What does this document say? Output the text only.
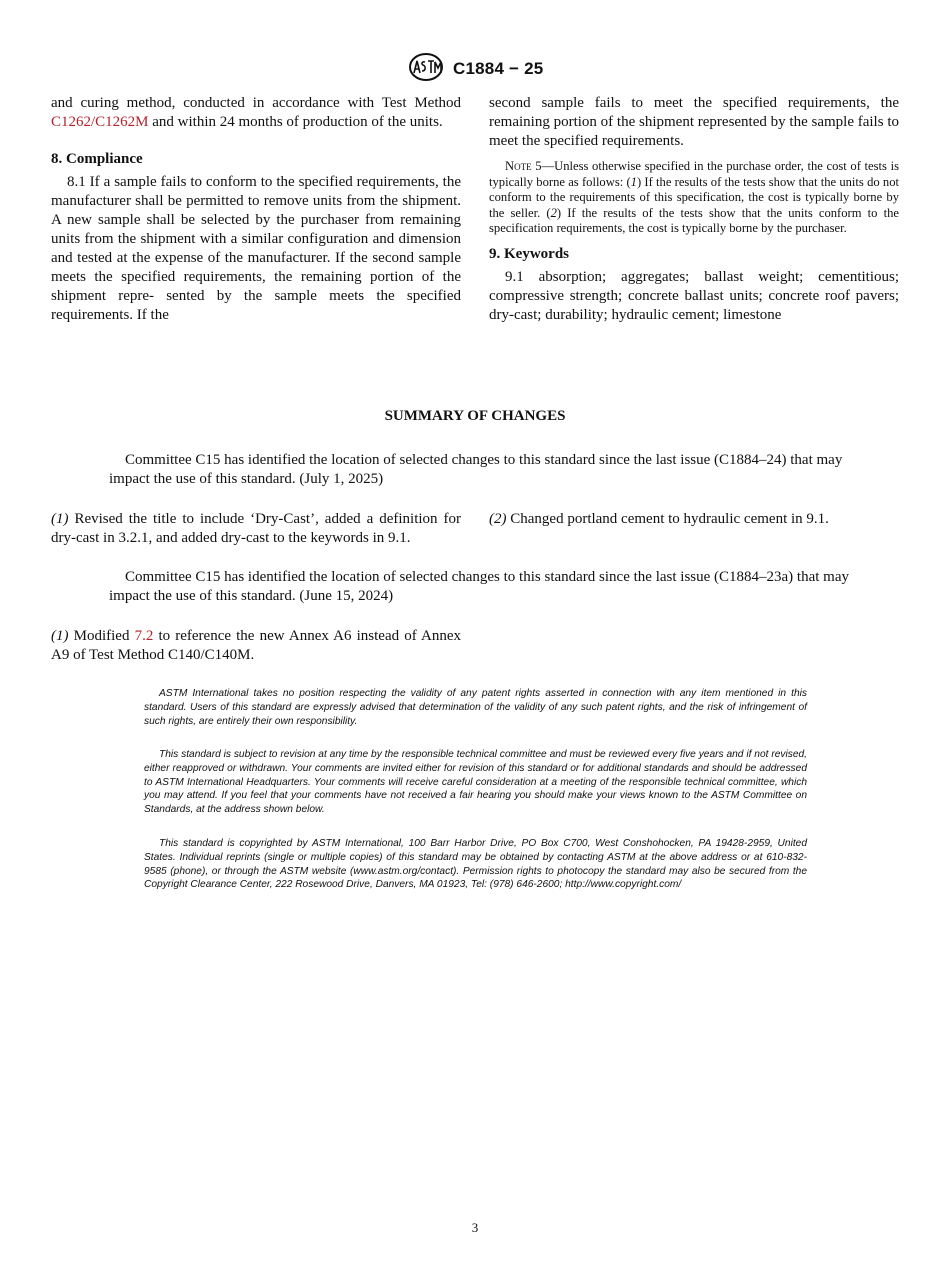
C1884 − 25

and curing method, conducted in accordance with Test Method C1262/C1262M and within 24 months of production of the units.

8. Compliance

8.1 If a sample fails to conform to the specified requirements, the manufacturer shall be permitted to remove units from the shipment. A new sample shall be selected by the purchaser from remaining units from the shipment with a similar configuration and dimension and tested at the expense of the manufacturer. If the second sample meets the specified requirements, the remaining portion of the shipment repre- sented by the sample meets the specified requirements. If the

second sample fails to meet the specified requirements, the remaining portion of the shipment represented by the sample fails to meet the specified requirements.

Note 5—Unless otherwise specified in the purchase order, the cost of tests is typically borne as follows: (1) If the results of the tests show that the units do not conform to the requirements of this specification, the cost is typically borne by the seller. (2) If the results of the tests show that the units conform to the specification requirements, the cost is typically borne by the purchaser.

9. Keywords

9.1 absorption; aggregates; ballast weight; cementitious; compressive strength; concrete ballast units; concrete roof pavers; dry-cast; durability; hydraulic cement; limestone

SUMMARY OF CHANGES
Committee C15 has identified the location of selected changes to this standard since the last issue (C1884–24) that may impact the use of this standard. (July 1, 2025)
(1) Revised the title to include ‘Dry-Cast’, added a definition for dry-cast in 3.2.1, and added dry-cast to the keywords in 9.1.
(2) Changed portland cement to hydraulic cement in 9.1.
Committee C15 has identified the location of selected changes to this standard since the last issue (C1884–23a) that may impact the use of this standard. (June 15, 2024)
(1) Modified 7.2 to reference the new Annex A6 instead of Annex A9 of Test Method C140/C140M.
ASTM International takes no position respecting the validity of any patent rights asserted in connection with any item mentioned in this standard. Users of this standard are expressly advised that determination of the validity of any such patent rights, and the risk of infringement of such rights, are entirely their own responsibility.
This standard is subject to revision at any time by the responsible technical committee and must be reviewed every five years and if not revised, either reapproved or withdrawn. Your comments are invited either for revision of this standard or for additional standards and should be addressed to ASTM International Headquarters. Your comments will receive careful consideration at a meeting of the responsible technical committee, which you may attend. If you feel that your comments have not received a fair hearing you should make your views known to the ASTM Committee on Standards, at the address shown below.
This standard is copyrighted by ASTM International, 100 Barr Harbor Drive, PO Box C700, West Conshohocken, PA 19428-2959, United States. Individual reprints (single or multiple copies) of this standard may be obtained by contacting ASTM at the above address or at 610-832-9585 (phone), or through the ASTM website (www.astm.org/contact). Permission rights to photocopy the standard may also be secured from the Copyright Clearance Center, 222 Rosewood Drive, Danvers, MA 01923, Tel: (978) 646-2600; http://www.copyright.com/
3
